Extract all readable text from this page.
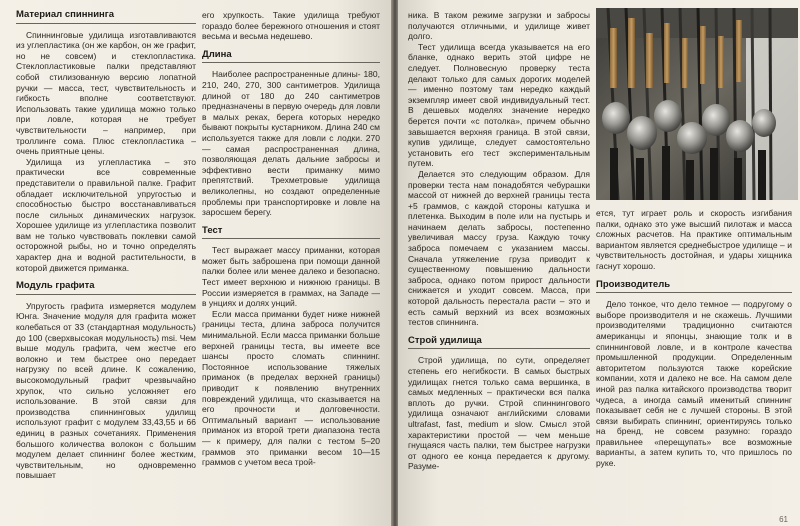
Материал спиннинга

Спиннинговые удилища изготавливаются из углепластика (он же карбон, он же графит, но не совсем) и стеклопластика. Стеклопластиковые палки представляют собой стилизованную версию лопатной ручки — масса, тест, чувствительность и гибкость вполне соответствуют. Использовать такие удилища можно только при ловле, которая не требует чувствительности – например, при троллинге сома. Плюс стеклопластика – очень приятные цены.

Удилища из углепластика – это практически все современные представители о правильной палке. Графит обладает исключительной упругостью и способностью быстро восстанавливаться после сильных динамических нагрузок. Хорошее удилище из углепластика позволит вам не только чувствовать поклевки самой осторожной рыбы, но и точно определять характер дна и водной растительности, в которой движется приманка.

Модуль графита

Упругость графита измеряется модулем Юнга. Значение модуля для графита может колебаться от 33 (стандартная модульность) до 100 (сверхвысокая модульность) msi. Чем выше модуль графита, чем жестче его волокно и тем быстрее оно передает нагрузку по всей длине. К сожалению, высокомодульный графит чрезвычайно хрупок, что сильно усложняет его использование. В этой связи для производства спиннинговых удилищ используют графит с модулем 33,43,55 и 66 единиц в разных сочетаниях. Применения большого количества волокон с большим модулем делает спиннинг более жестким, чувствительным, но одновременно повышает

его хрупкость. Такие удилища требуют гораздо более бережного отношения и стоят весьма и весьма недешево.

Длина

Наиболее распространенные длины- 180, 210, 240, 270, 300 сантиметров. Удилища длиной от 180 до 240 сантиметров предназначены в первую очередь для ловли в малых реках, берега которых нередко бывают покрыты кустарником. Длина 240 см используется также для ловли с лодки. 270 — самая распространенная длина, позволяющая делать дальние забросы и эффективно вести приманку мимо препятствий. Трехметровые удилища великолепны, но создают определенные проблемы при транспортировке и ловле на заросшем берегу.

Тест

Тест выражает массу приманки, которая может быть заброшена при помощи данной палки более или менее далеко и безопасно. Тест имеет верхнюю и нижнюю границы. В России измеряется в граммах, на Западе — в унциях и долях унций.

Если масса приманки будет ниже нижней границы теста, длина заброса получится минимальной. Если масса приманки больше верхней границы теста, вы имеете все шансы просто сломать спиннинг. Постоянное использование тяжелых приманок (в пределах верхней границы) приводит к появлению внутренних повреждений удилища, что сказывается на его прочности и долговечности. Оптимальный вариант — использование приманок из второй трети диапазона теста — к примеру, для палки с тестом 5–20 граммов это приманки весом 10—15 граммов с учетом веса трой-

ника. В таком режиме загрузки и забросы получаются отличными, и удилище живет долго.

Тест удилища всегда указывается на его бланке, однако верить этой цифре не следует. Полновесную проверку теста делают только для самых дорогих моделей — именно поэтому там нередко каждый экземпляр имеет свой индивидуальный тест. В дешевых моделях значение нередко берется почти «с потолка», причем обычно завышается верхняя граница. В этой связи, купив удилище, следует самостоятельно установить его тест экспериментальным путем.

Делается это следующим образом. Для проверки теста нам понадобятся чебурашки массой от нижней до верхней границы теста +5 граммов, с каждой стороны катушка и плетенка. Выходим в поле или на пустырь и начинаем делать забросы, постепенно увеличивая массу груза. Каждую точку заброса помечаем с указанием массы. Сначала утяжеление груза приводит к существенному повышению дальности заброса, однако потом прирост дальности снижается и уходит совсем. Масса, при которой дальность перестала расти – это и есть самый верхний из всех возможных тестов спиннинга.

Строй удилища

Строй удилища, по сути, определяет степень его негибкости. В самых быстрых удилищах гнется только сама вершинка, в самых медленных – практически вся палка вплоть до ручки. Строй спиннингового удилища означают английскими словами ultrafast, fast, medium и slow. Смысл этой характеристики простой — чем меньше гнущаяся часть палки, тем быстрее нагрузки от одного ее конца передается к другому. Разуме-

ется, тут играет роль и скорость изгибания палки, однако это уже высший пилотаж и масса сложных расчетов. На практике оптимальным вариантом является среднебыстрое удилище – и чувствительность достойная, и удары хищника гаснут хорошо.

Производитель

Дело тонкое, что дело темное — подругому о выборе производителя и не скажешь. Лучшими производителями традиционно считаются американцы и японцы, знающие толк и в спиннинговой ловле, и в контроле качества промышленной продукции. Определенным авторитетом пользуются также корейские компании, хотя и далеко не все. На самом деле иной раз палка китайского производства творит чудеса, а иногда самый именитый спиннинг показывает себя не с лучшей стороны. В этой связи выбирать спиннинг, ориентируясь только на бренд, не совсем разумно: гораздо правильнее «перещупать» все возможные варианты, а затем купить то, что пришлось по руке.

61
